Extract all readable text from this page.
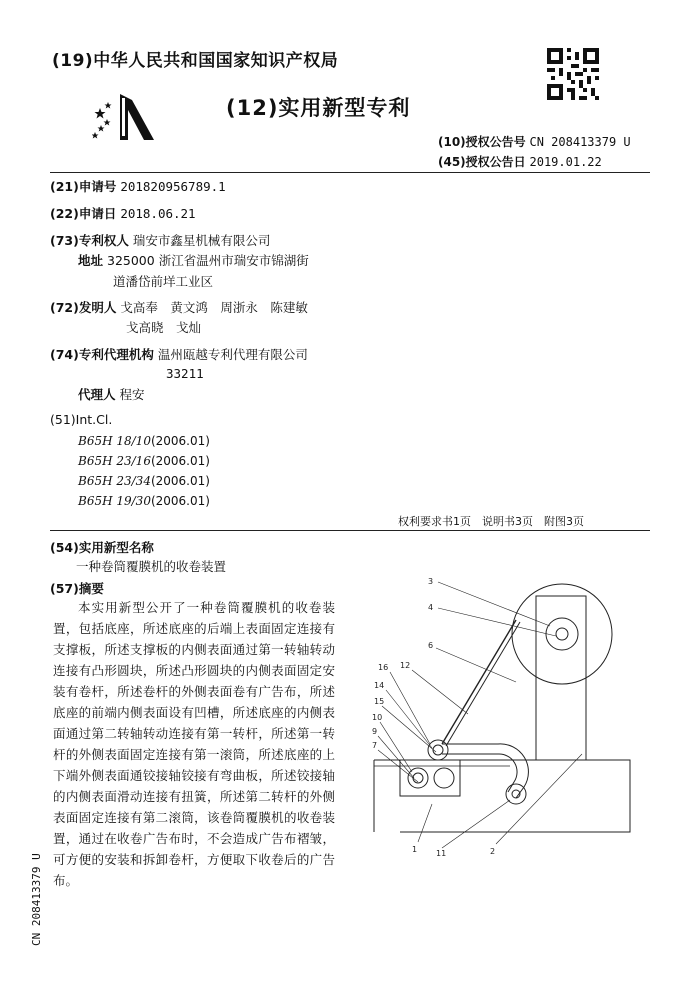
(19)中华人民共和国国家知识产权局
(12)实用新型专利
(10)授权公告号 CN 208413379 U
(45)授权公告日 2019.01.22
(21)申请号 201820956789.1
(22)申请日 2018.06.21
(73)专利权人 瑞安市鑫星机械有限公司
地址 325000 浙江省温州市瑞安市锦湖街
道潘岱前垟工业区
(72)发明人 戈高奉　黄文鸿　周浙永　陈建敏
戈高晓　戈灿
(74)专利代理机构 温州瓯越专利代理有限公司
33211
代理人 程安
(51)Int.Cl.
B65H 18/10(2006.01)
B65H 23/16(2006.01)
B65H 23/34(2006.01)
B65H 19/30(2006.01)
权利要求书1页　说明书3页　附图3页
(54)实用新型名称
一种卷筒覆膜机的收卷装置
(57)摘要
本实用新型公开了一种卷筒覆膜机的收卷装置，包括底座，所述底座的后端上表面固定连接有支撑板，所述支撑板的内侧表面通过第一转轴转动连接有凸形圆块，所述凸形圆块的内侧表面固定安装有卷杆，所述卷杆的外侧表面卷有广告布，所述底座的前端内侧表面设有凹槽，所述底座的内侧表面通过第二转轴转动连接有第一转杆，所述第一转杆的外侧表面固定连接有第一滚筒，所述底座的上下端外侧表面通铰接轴铰接有弯曲板，所述铰接轴的内侧表面滑动连接有扭簧，所述第二转杆的外侧表面固定连接有第二滚筒，该卷筒覆膜机的收卷装置，通过在收卷广告布时，不会造成广告布褶皱，可方便的安装和拆卸卷杆，方便取下收卷后的广告布。
3
4
6
12
16
14
15
10
9
7
1 11	2
CN 208413379 U
